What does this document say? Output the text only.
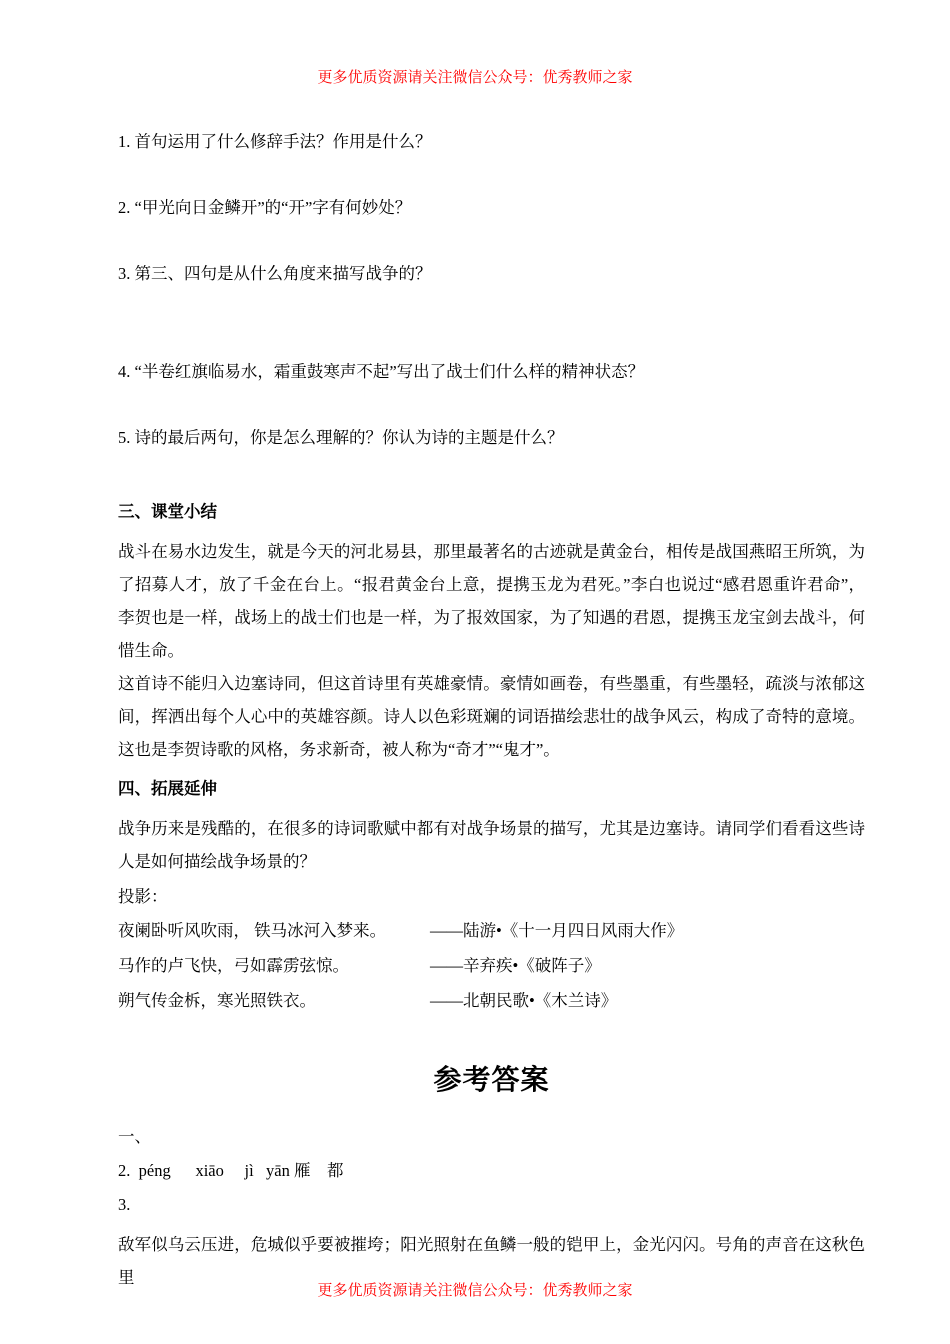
更多优质资源请关注微信公众号：优秀教师之家
1. 首句运用了什么修辞手法？作用是什么？
2. “甲光向日金鳞开”的“开”字有何妙处？
3. 第三、四句是从什么角度来描写战争的？
4. “半卷红旗临易水，霜重鼓寒声不起”写出了战士们什么样的精神状态？
5. 诗的最后两句，你是怎么理解的？你认为诗的主题是什么？
三、课堂小结

战斗在易水边发生，就是今天的河北易县，那里最著名的古迹就是黄金台，相传是战国燕昭王所筑，为了招募人才，放了千金在台上。“报君黄金台上意，提携玉龙为君死。”李白也说过“感君恩重许君命”，李贺也是一样，战场上的战士们也是一样，为了报效国家，为了知遇的君恩，提携玉龙宝剑去战斗，何惜生命。

这首诗不能归入边塞诗同，但这首诗里有英雄豪情。豪情如画卷，有些墨重，有些墨轻，疏淡与浓郁这间，挥洒出每个人心中的英雄容颜。诗人以色彩斑斓的词语描绘悲壮的战争风云，构成了奇特的意境。这也是李贺诗歌的风格，务求新奇，被人称为“奇才”“鬼才”。

四、拓展延伸

战争历来是残酷的，在很多的诗词歌赋中都有对战争场景的描写，尤其是边塞诗。请同学们看看这些诗人是如何描绘战争场景的？

投影：
夜阑卧听风吹雨， 铁马冰河入梦来。	——陆游•《十一月四日风雨大作》
马作的卢飞快，弓如霹雳弦惊。	——辛弃疾•《破阵子》
朔气传金柝，寒光照铁衣。	——北朝民歌•《木兰诗》
参考答案
一、
2.  péng      xiāo     jì   yān 雁    都
3.

敌军似乌云压进，危城似乎要被摧垮；阳光照射在鱼鳞一般的铠甲上，金光闪闪。号角的声音在这秋色里

更多优质资源请关注微信公众号：优秀教师之家
